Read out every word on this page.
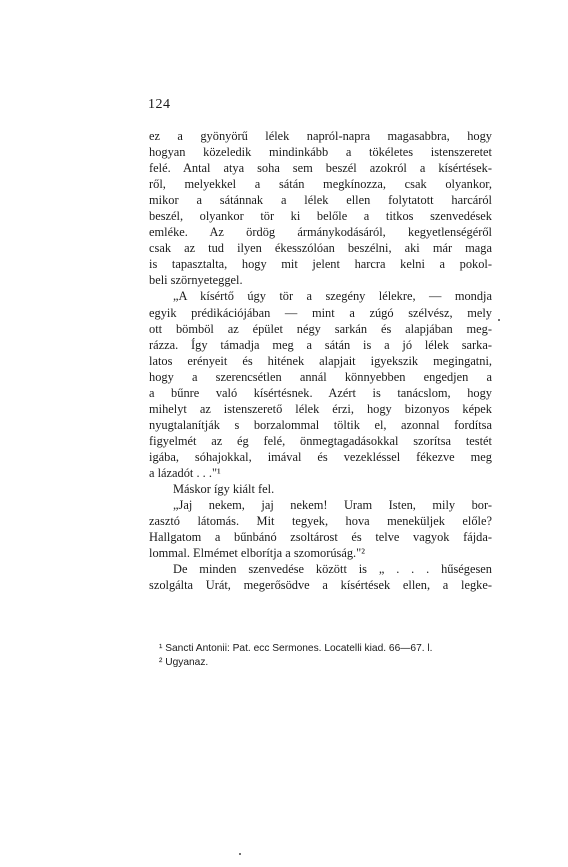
124
ez a gyönyörű lélek napról-napra magasabbra, hogy
hogyan közeledik mindinkább a tökéletes istenszeretet
felé. Antal atya soha sem beszél azokról a kísértések-
ről, melyekkel a sátán megkínozza, csak olyankor,
mikor a sátánnak a lélek ellen folytatott harcáról
beszél, olyankor tör ki belőle a titkos szenvedések
emléke. Az ördög ármánykodásáról, kegyetlenségéről
csak az tud ilyen ékesszólóan beszélni, aki már maga
is tapasztalta, hogy mit jelent harcra kelni a pokol-
beli szörnyeteggel.
„A kísértő úgy tör a szegény lélekre, — mondja
egyik prédikációjában — mint a zúgó szélvész, mely
ott bömböl az épület négy sarkán és alapjában meg-
rázza. Így támadja meg a sátán is a jó lélek sarka-
latos erényeit és hitének alapjait igyekszik megingatni,
hogy a szerencsétlen annál könnyebben engedjen a
a bűnre való kísértésnek. Azért is tanácslom, hogy
mihelyt az istenszerető lélek érzi, hogy bizonyos képek
nyugtalanítják s borzalommal töltik el, azonnal fordítsa
figyelmét az ég felé, önmegtagadásokkal szorítsa testét
igába, sóhajokkal, imával és vezekléssel fékezve meg
a lázadót . . ."¹
Máskor így kiált fel.
„Jaj nekem, jaj nekem! Uram Isten, mily bor-
zasztó látomás. Mit tegyek, hova meneküljek előle?
Hallgatom a bűnbánó zsoltárost és telve vagyok fájda-
lommal. Elmémet elborítja a szomorúság."²
De minden szenvedése között is „ . . . hűségesen
szolgálta Urát, megerősödve a kísértések ellen, a legke-
¹ Sancti Antonii: Pat. ecc Sermones. Locatelli kiad. 66—67. l.
² Ugyanaz.
